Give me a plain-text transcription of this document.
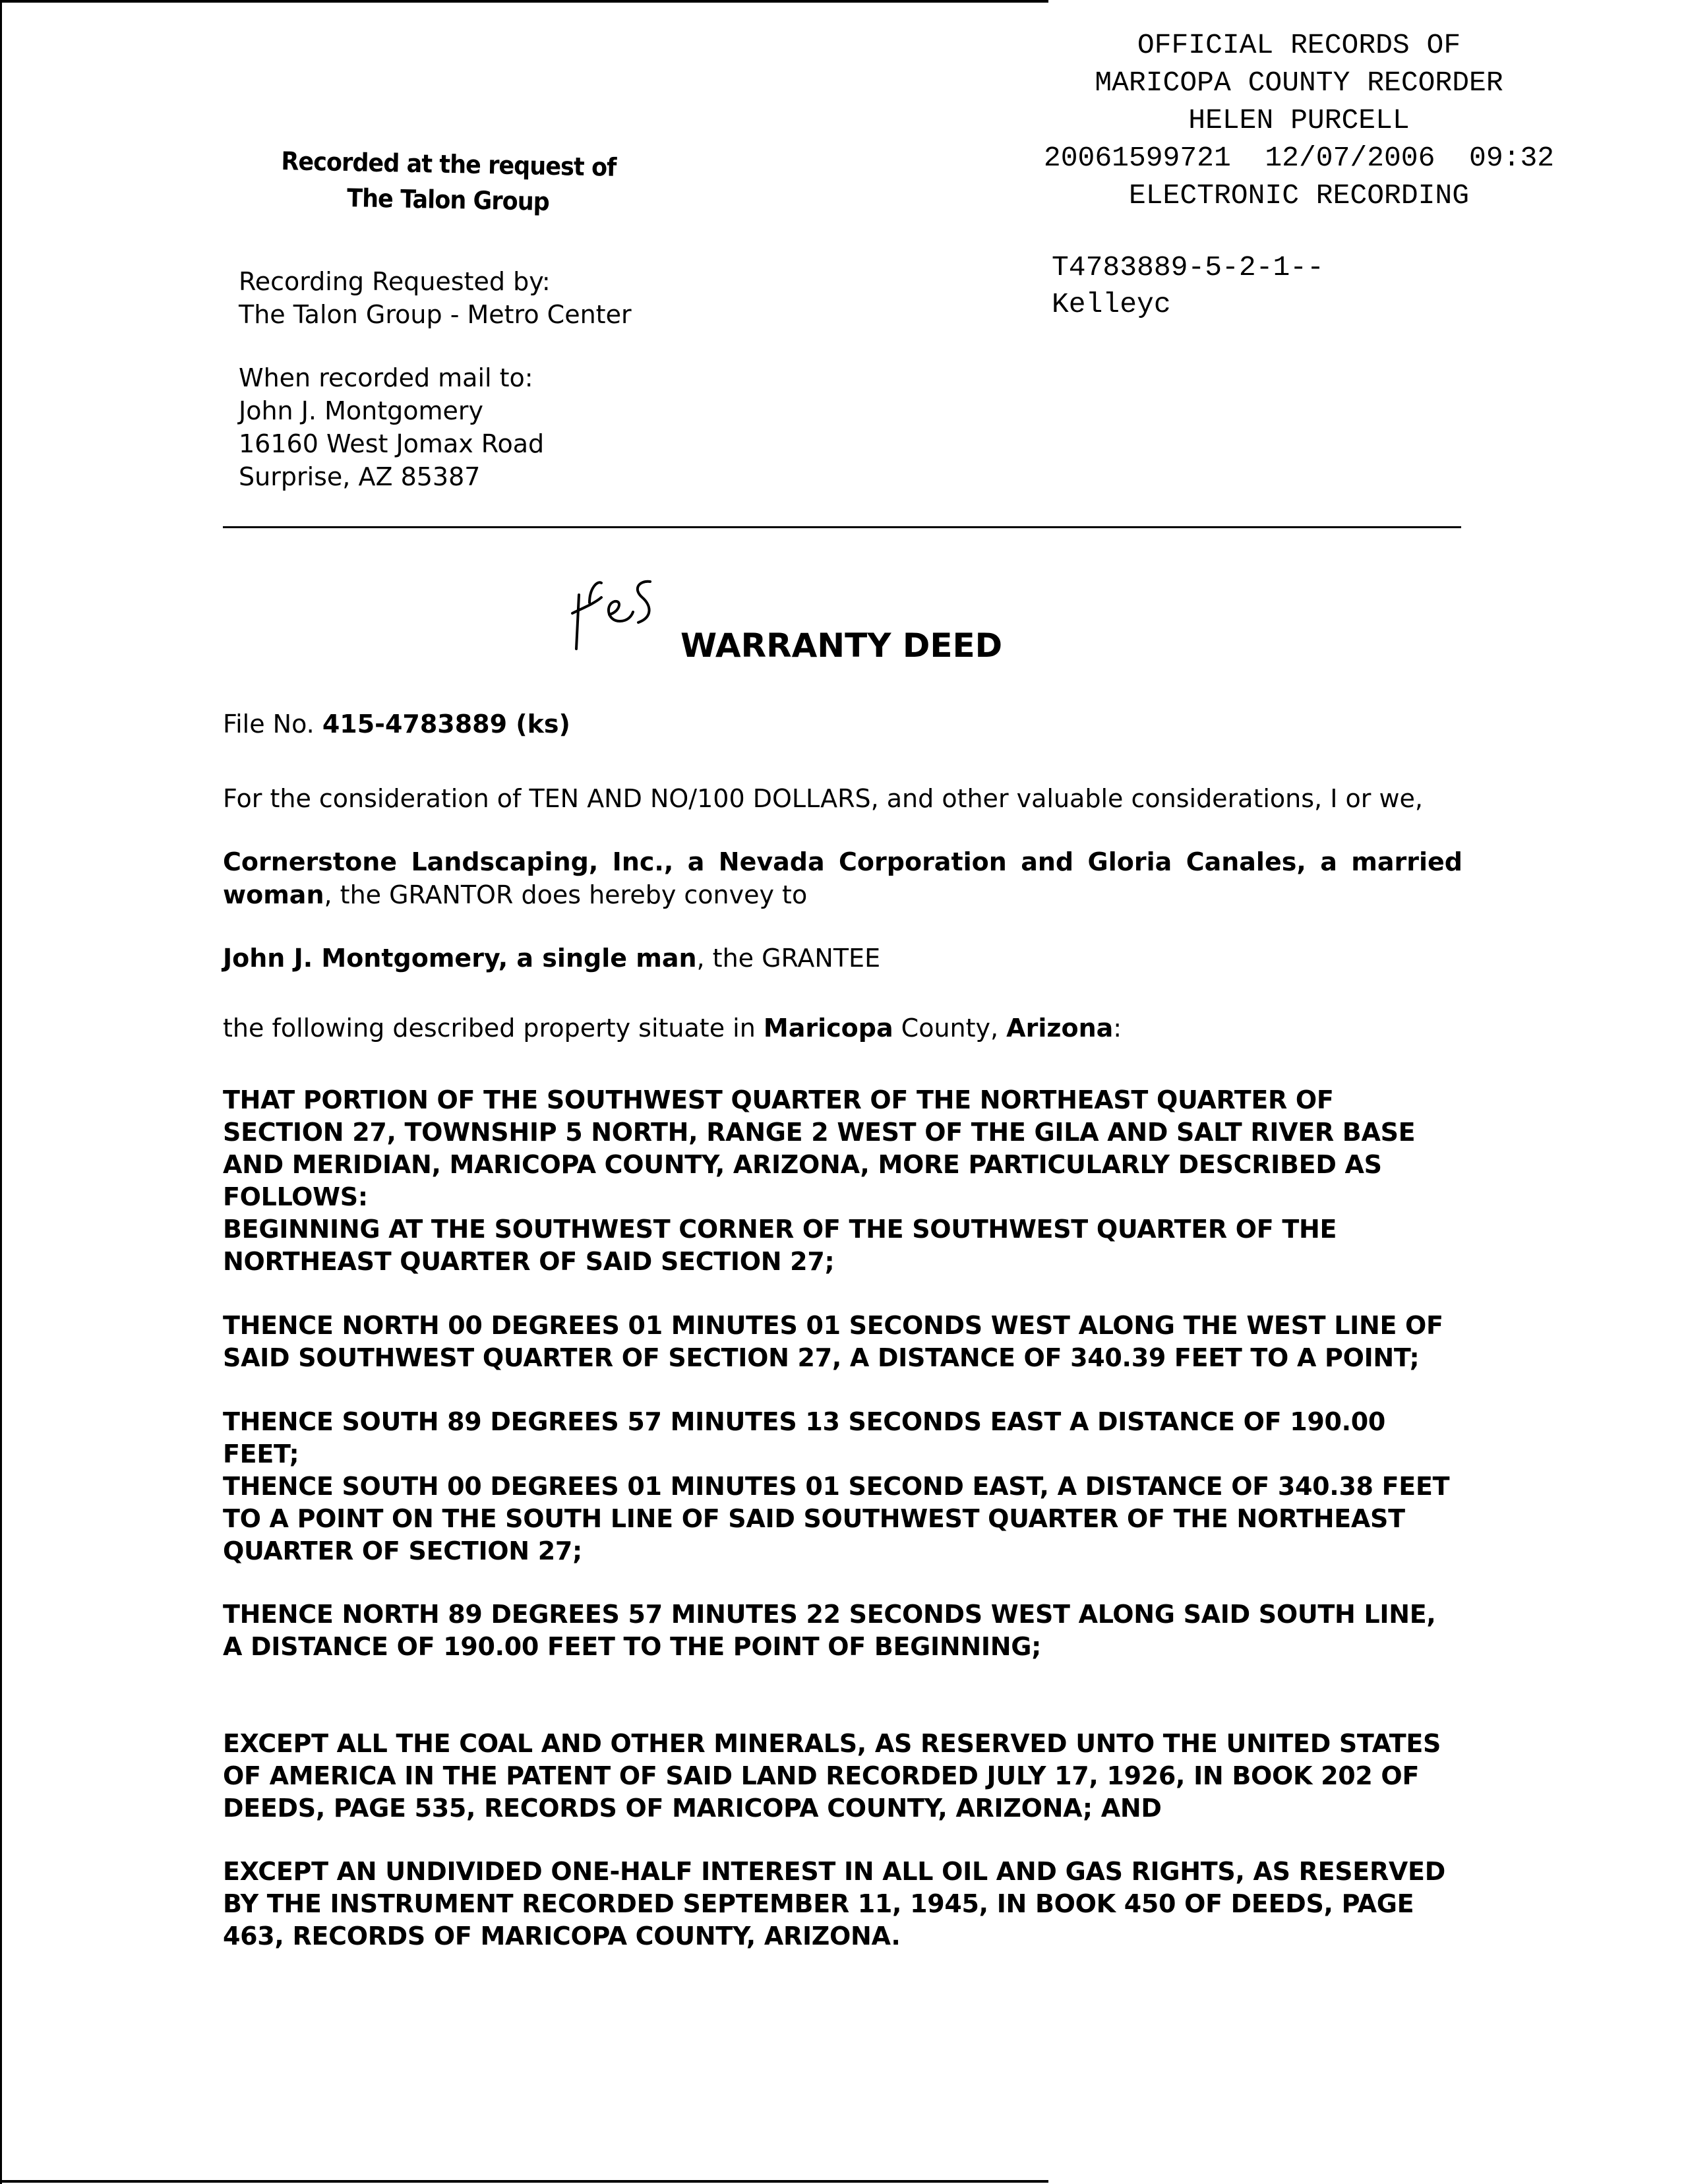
OFFICIAL RECORDS OF
MARICOPA COUNTY RECORDER
HELEN PURCELL
20061599721  12/07/2006  09:32
ELECTRONIC RECORDING
T4783889-5-2-1--
Kelleyc
Recorded at the request of
The Talon Group
Recording Requested by:
The Talon Group - Metro Center
When recorded mail to:
John J. Montgomery
16160 West Jomax Road
Surprise, AZ 85387
WARRANTY DEED
File No. 415-4783889 (ks)
For the consideration of TEN AND NO/100 DOLLARS, and other valuable considerations, I or we,
Cornerstone Landscaping, Inc., a Nevada Corporation and Gloria Canales, a married woman, the GRANTOR does hereby convey to
John J. Montgomery, a single man, the GRANTEE
the following described property situate in Maricopa County, Arizona:
THAT PORTION OF THE SOUTHWEST QUARTER OF THE NORTHEAST QUARTER OF SECTION 27, TOWNSHIP 5 NORTH, RANGE 2 WEST OF THE GILA AND SALT RIVER BASE AND MERIDIAN, MARICOPA COUNTY, ARIZONA, MORE PARTICULARLY DESCRIBED AS FOLLOWS:
BEGINNING AT THE SOUTHWEST CORNER OF THE SOUTHWEST QUARTER OF THE NORTHEAST QUARTER OF SAID SECTION 27;
THENCE NORTH 00 DEGREES 01 MINUTES 01 SECONDS WEST ALONG THE WEST LINE OF SAID SOUTHWEST QUARTER OF SECTION 27, A DISTANCE OF 340.39 FEET TO A POINT;
THENCE SOUTH 89 DEGREES 57 MINUTES 13 SECONDS EAST A DISTANCE OF 190.00 FEET;
THENCE SOUTH 00 DEGREES 01 MINUTES 01 SECOND EAST, A DISTANCE OF 340.38 FEET TO A POINT ON THE SOUTH LINE OF SAID SOUTHWEST QUARTER OF THE NORTHEAST QUARTER OF SECTION 27;
THENCE NORTH 89 DEGREES 57 MINUTES 22 SECONDS WEST ALONG SAID SOUTH LINE, A DISTANCE OF 190.00 FEET TO THE POINT OF BEGINNING;
EXCEPT ALL THE COAL AND OTHER MINERALS, AS RESERVED UNTO THE UNITED STATES OF AMERICA IN THE PATENT OF SAID LAND RECORDED JULY 17, 1926, IN BOOK 202 OF DEEDS, PAGE 535, RECORDS OF MARICOPA COUNTY, ARIZONA; AND
EXCEPT AN UNDIVIDED ONE-HALF INTEREST IN ALL OIL AND GAS RIGHTS, AS RESERVED BY THE INSTRUMENT RECORDED SEPTEMBER 11, 1945, IN BOOK 450 OF DEEDS, PAGE 463, RECORDS OF MARICOPA COUNTY, ARIZONA.
